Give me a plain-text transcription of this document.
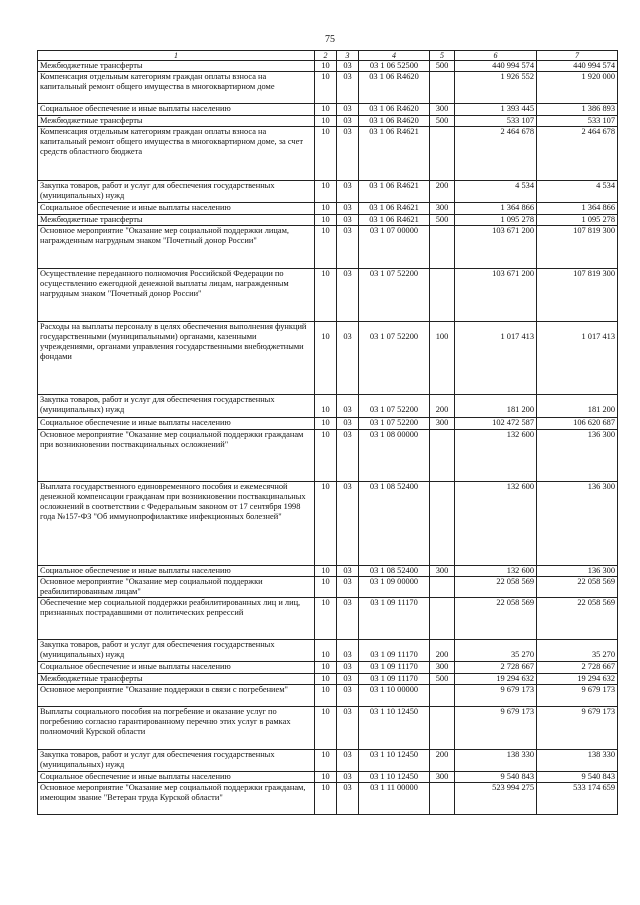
75
1	2	3	4	5	6	7
Межбюджетные трансферты	10	03	03 1 06 52500	500	440 994 574	440 994 574
Компенсация отдельным категориям граждан оплаты взноса на капитальный ремонт общего имущества в многоквартирном доме	10	03	03 1 06 R4620		1 926 552	1 920 000
Социальное обеспечение и иные выплаты населению	10	03	03 1 06 R4620	300	1 393 445	1 386 893
Межбюджетные трансферты	10	03	03 1 06 R4620	500	533 107	533 107
Компенсация отдельным категориям граждан оплаты взноса на капитальный ремонт общего имущества в многоквартирном доме, за счет средств областного бюджета	10	03	03 1 06 R4621		2 464 678	2 464 678
Закупка товаров, работ и услуг для обеспечения государственных (муниципальных) нужд	10	03	03 1 06 R4621	200	4 534	4 534
Социальное обеспечение и иные выплаты населению	10	03	03 1 06 R4621	300	1 364 866	1 364 866
Межбюджетные трансферты	10	03	03 1 06 R4621	500	1 095 278	1 095 278
Основное мероприятие "Оказание мер социальной поддержки лицам, награжденным нагрудным знаком "Почетный донор России"	10	03	03 1 07 00000		103 671 200	107 819 300
Осуществление переданного полномочия Российской Федерации по осуществлению ежегодной денежной выплаты лицам, награжденным нагрудным знаком "Почетный донор России"	10	03	03 1 07 52200		103 671 200	107 819 300
Расходы на выплаты персоналу в целях обеспечения выполнения функций государственными (муниципальными) органами, казенными учреждениями, органами управления государственными внебюджетными фондами	10	03	03 1 07 52200	100	1 017 413	1 017 413
Закупка товаров, работ и услуг для обеспечения государственных (муниципальных) нужд	10	03	03 1 07 52200	200	181 200	181 200
Социальное обеспечение и иные выплаты населению	10	03	03 1 07 52200	300	102 472 587	106 620 687
Основное мероприятие "Оказание мер социальной поддержки гражданам при возникновении поствакцинальных осложнений"	10	03	03 1 08 00000		132 600	136 300
Выплата государственного единовременного пособия и ежемесячной денежной компенсации гражданам при возникновении поствакцинальных осложнений в соответствии с Федеральным законом от 17 сентября 1998 года №157-ФЗ "Об иммунопрофилактике инфекционных болезней"	10	03	03 1 08 52400		132 600	136 300
Социальное обеспечение и иные выплаты населению	10	03	03 1 08 52400	300	132 600	136 300
Основное мероприятие "Оказание мер социальной поддержки реабилитированным лицам"	10	03	03 1 09 00000		22 058 569	22 058 569
Обеспечение мер социальной поддержки реабилитированных лиц и лиц, признанных пострадавшими от политических репрессий	10	03	03 1 09 11170		22 058 569	22 058 569
Закупка товаров, работ и услуг для обеспечения государственных (муниципальных) нужд	10	03	03 1 09 11170	200	35 270	35 270
Социальное обеспечение и иные выплаты населению	10	03	03 1 09 11170	300	2 728 667	2 728 667
Межбюджетные трансферты	10	03	03 1 09 11170	500	19 294 632	19 294 632
Основное мероприятие "Оказание поддержки в связи с погребением"	10	03	03 1 10 00000		9 679 173	9 679 173
Выплаты социального пособия на погребение и оказание услуг по погребению согласно гарантированному перечню этих услуг в рамках полномочий Курской области	10	03	03 1 10 12450		9 679 173	9 679 173
Закупка товаров, работ и услуг для обеспечения государственных (муниципальных) нужд	10	03	03 1 10 12450	200	138 330	138 330
Социальное обеспечение и иные выплаты населению	10	03	03 1 10 12450	300	9 540 843	9 540 843
Основное мероприятие "Оказание мер социальной поддержки гражданам, имеющим звание "Ветеран труда Курской области"	10	03	03 1 11 00000		523 994 275	533 174 659
